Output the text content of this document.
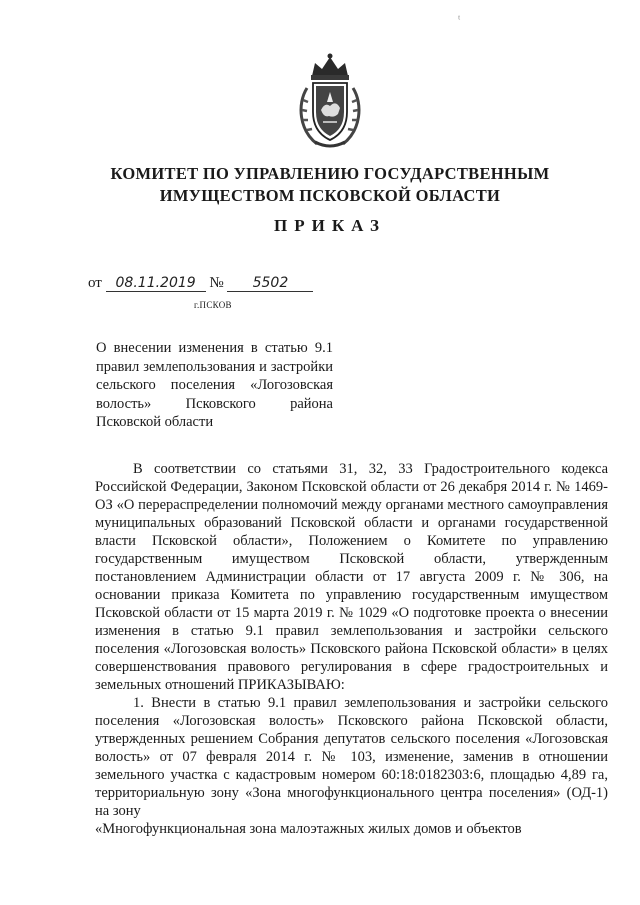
ᵗ
КОМИТЕТ ПО УПРАВЛЕНИЮ ГОСУДАРСТВЕННЫМ
ИМУЩЕСТВОМ ПСКОВСКОЙ ОБЛАСТИ
ПРИКАЗ
от 08.11.2019 № 5502
г.ПСКОВ
О внесении изменения в статью 9.1 правил землепользования и застройки сельского поселения «Логозовская волость» Псковского района Псковской области

В соответствии со статьями 31, 32, 33 Градостроительного кодекса Российской Федерации, Законом Псковской области от 26 декабря 2014 г. № 1469-ОЗ «О перераспределении полномочий между органами местного самоуправления муниципальных образований Псковской области и органами государственной власти Псковской области», Положением о Комитете по управлению государственным имуществом Псковской области, утвержденным постановлением Администрации области от 17 августа 2009 г. № 306, на основании приказа Комитета по управлению государственным имуществом Псковской области от 15 марта 2019 г. № 1029 «О подготовке проекта о внесении изменения в статью 9.1 правил землепользования и застройки сельского поселения «Логозовская волость» Псковского района Псковской области» в целях совершенствования правового регулирования в сфере градостроительных и земельных отношений ПРИКАЗЫВАЮ:

1. Внести в статью 9.1 правил землепользования и застройки сельского поселения «Логозовская волость» Псковского района Псковской области, утвержденных решением Собрания депутатов сельского поселения «Логозовская волость» от 07 февраля 2014 г. № 103, изменение, заменив в отношении земельного участка с кадастровым номером 60:18:0182303:6, площадью 4,89 га, территориальную зону «Зона многофункционального центра поселения» (ОД-1) на зону

«Многофункциональная зона малоэтажных жилых домов и объектов
